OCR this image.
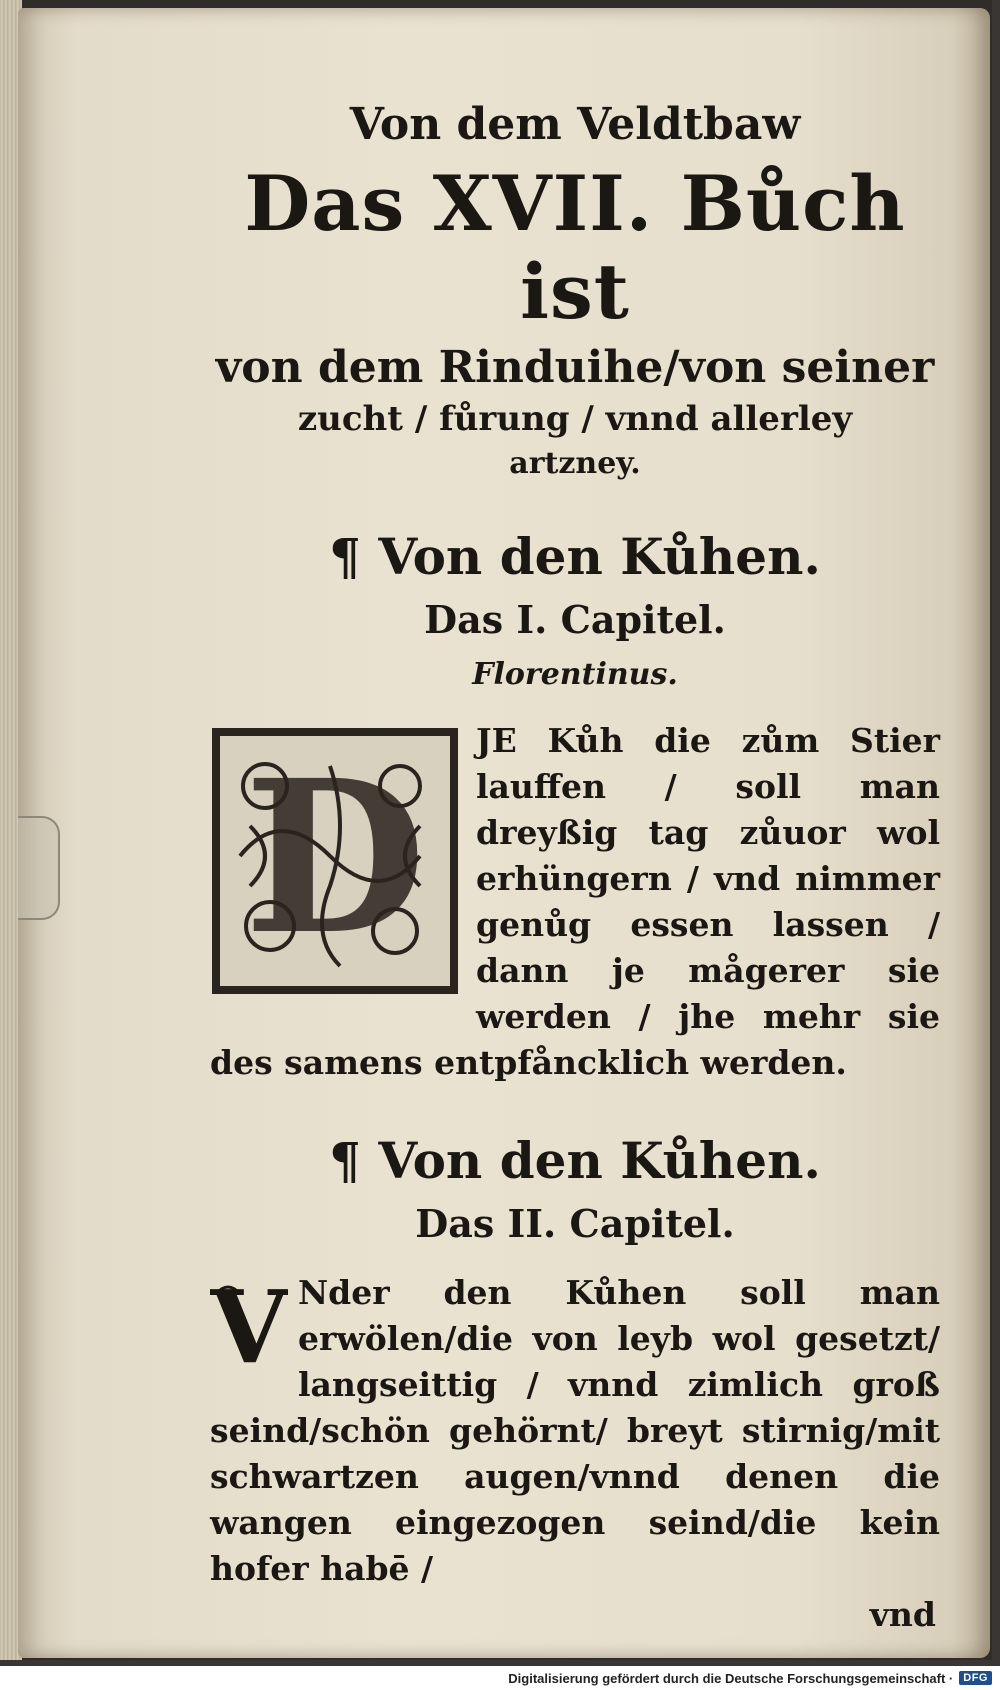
Von dem Veldtbaw
Das XVII. Bůch ist
von dem Rinduihe/von seiner
zucht / fůrung / vnnd allerley
artzney.
¶ Von den Kůhen.
Das I. Capitel.
Florentinus.
D JE Kůh die zům Stier lauffen / soll man dreyßig tag zůuor wol erhüngern / vnd nimmer genůg essen lassen / dann je mågerer sie werden / jhe mehr sie des samens entpfåncklich werden.
¶ Von den Kůhen.
Das II. Capitel.
V Nder den Kůhen soll man erwölen/die von leyb wol gesetzt/ langseittig / vnnd zimlich groß seind/schön gehörnt/ breyt stirnig/mit schwartzen augen/vnnd denen die wangen eingezogen seind/die kein hofer habē /
vnd
Digitalisierung gefördert durch die Deutsche Forschungsgemeinschaft · DFG
